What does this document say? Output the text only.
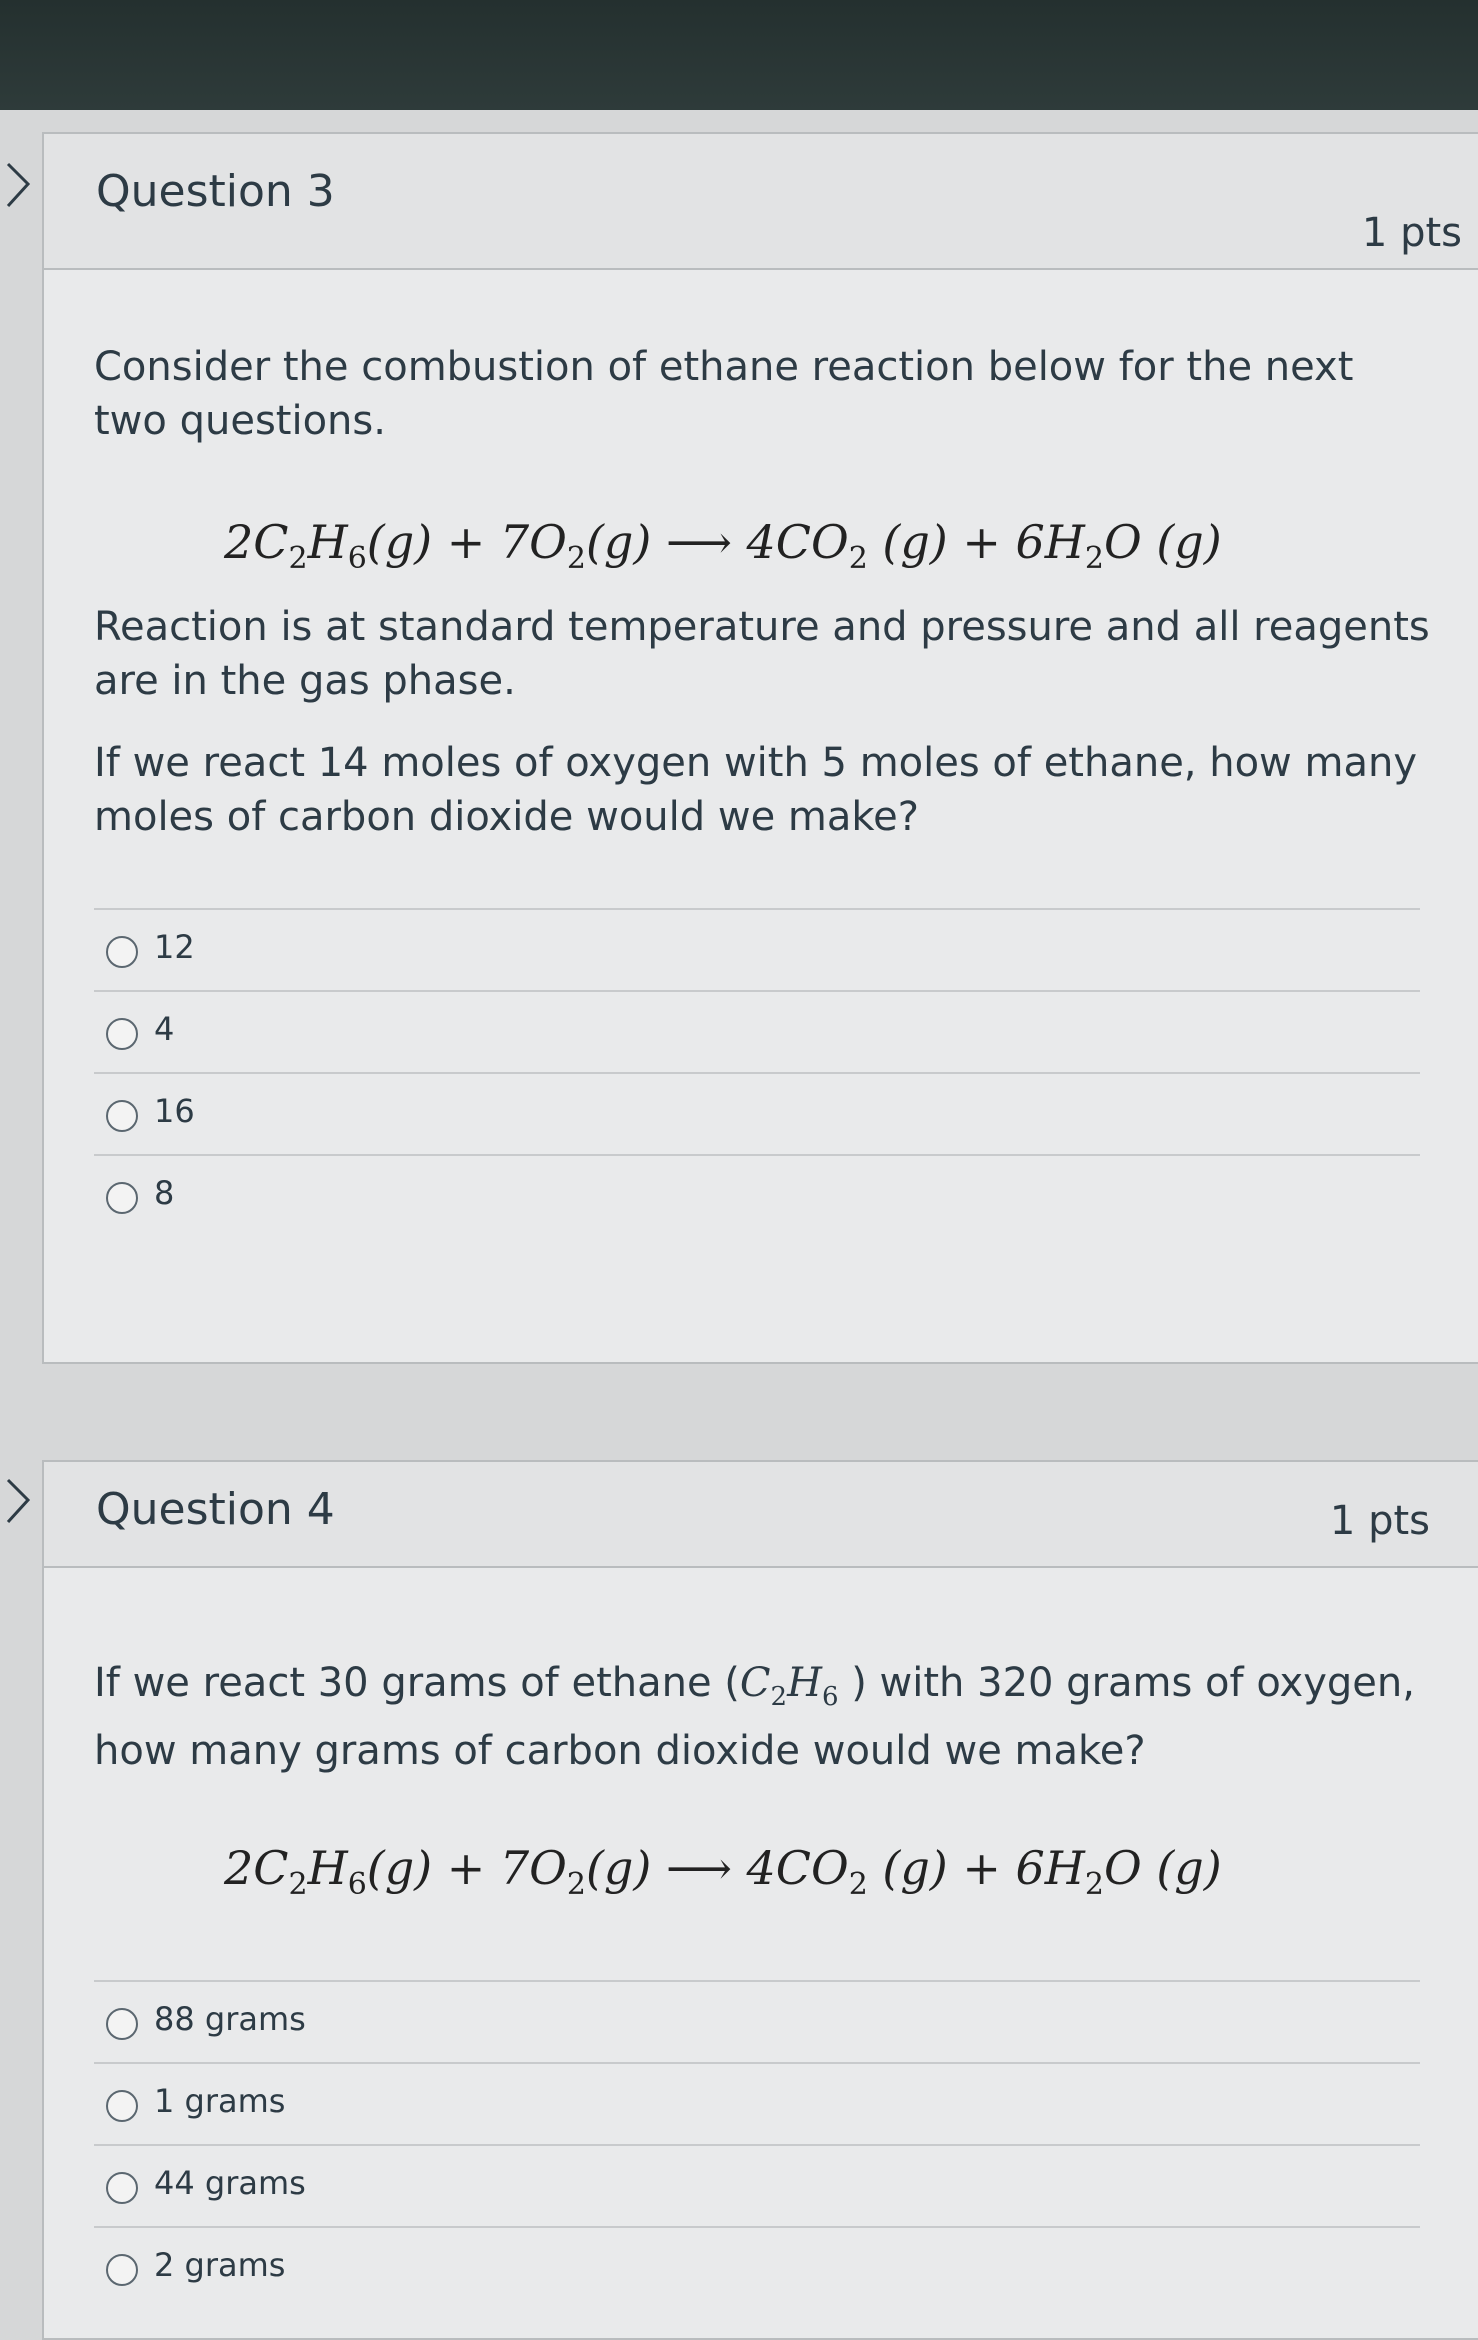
Question 3
1 pts

Consider the combustion of ethane reaction below for the next two questions.

$2C_2H_6(g) + 7O_2(g)$ ⟶ $4CO_2$ $(g) + 6H_2O$ (g)

Reaction is at standard temperature and pressure and all reagents are in the gas phase.

If we react 14 moles of oxygen with 5 moles of ethane, how many moles of carbon dioxide would we make?

12
4
16
8
Question 4	1 pts

If we react 30 grams of ethane ($C_2H_6$ ) with 320 grams of oxygen, how many grams of carbon dioxide would we make?

$2C_2H_6(g) + 7O_2(g)$ ⟶ $4CO_2$ $(g) + 6H_2O$ (g)
88 grams
1 grams
44 grams
2 grams
